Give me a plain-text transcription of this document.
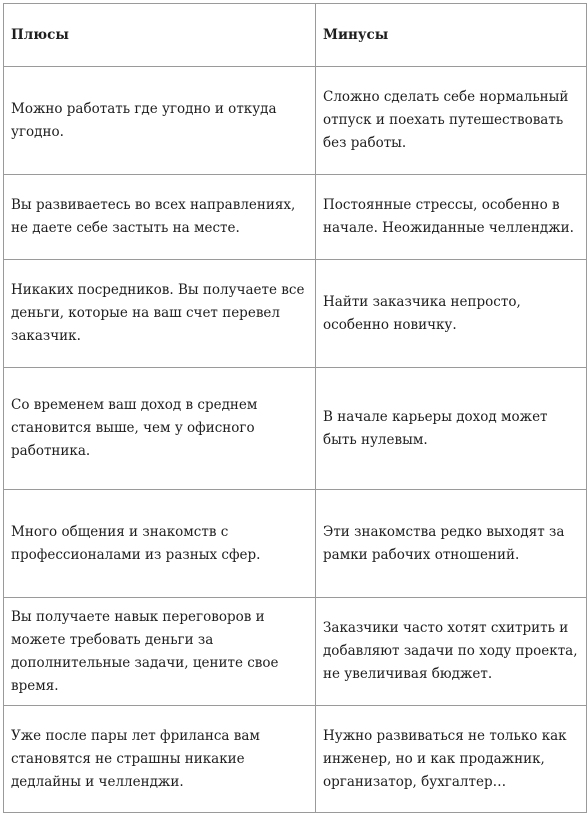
Плюсы	Минусы
Можно работать где угодно и откуда угодно.	Сложно сделать себе нормальный отпуск и поехать путешествовать без работы.
Вы развиваетесь во всех направлениях, не даете себе застыть на месте.	Постоянные стрессы, особенно в начале. Неожиданные челленджи.
Никаких посредников. Вы получаете все деньги, которые на ваш счет перевел заказчик.	Найти заказчика непросто, особенно новичку.
Со временем ваш доход в среднем становится выше, чем у офисного работника.	В начале карьеры доход может быть нулевым.
Много общения и знакомств с профессионалами из разных сфер.	Эти знакомства редко выходят за рамки рабочих отношений.
Вы получаете навык переговоров и можете требовать деньги за дополнительные задачи, цените свое время.	Заказчики часто хотят схитрить и добавляют задачи по ходу проекта, не увеличивая бюджет.
Уже после пары лет фриланса вам становятся не страшны никакие дедлайны и челленджи.	Нужно развиваться не только как инженер, но и как продажник, организатор, бухгалтер…
